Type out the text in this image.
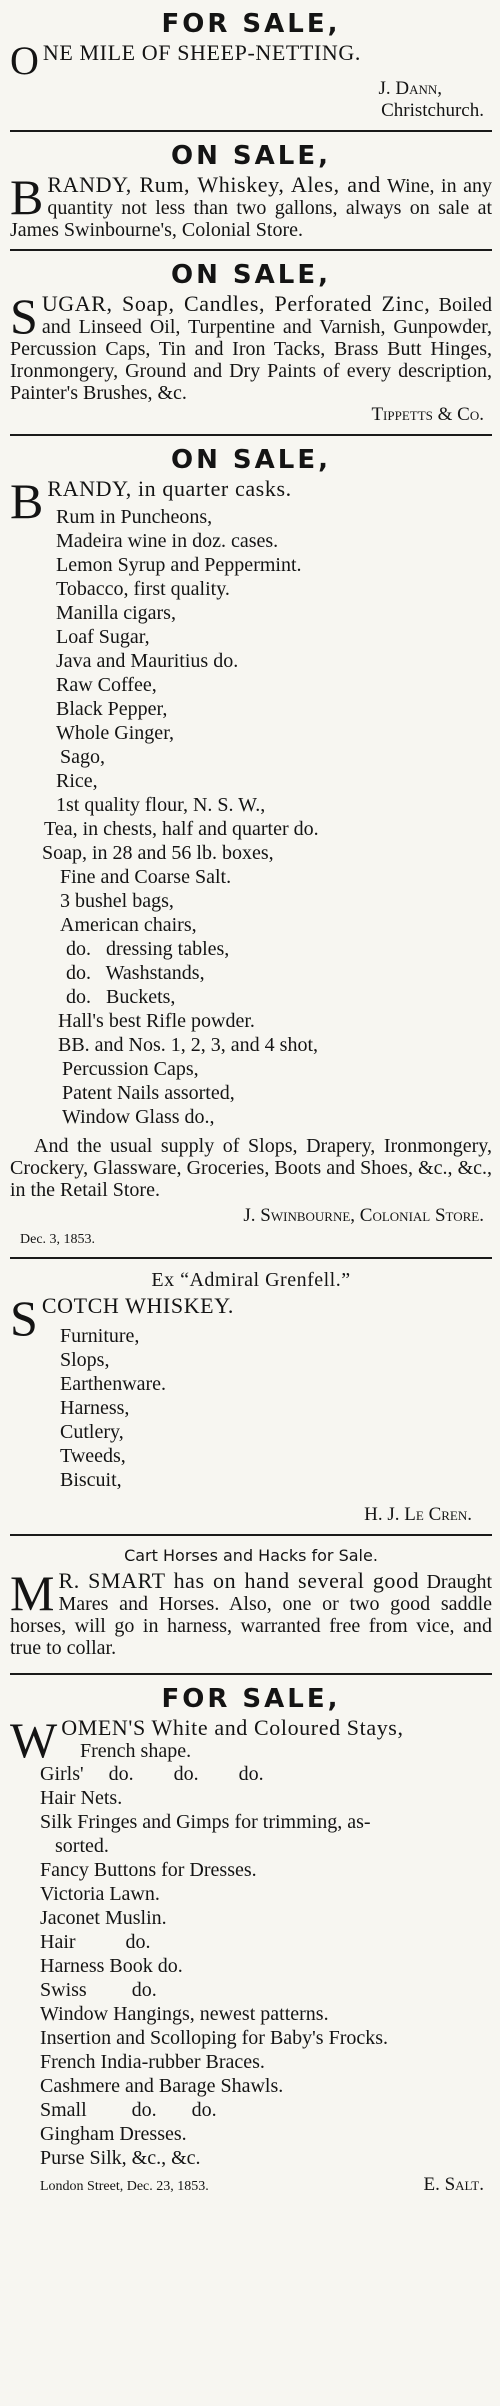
FOR SALE,
O NE MILE OF SHEEP-NETTING.
J. Dann,
Christchurch.
ON SALE,
B RANDY, Rum, Whiskey, Ales, and Wine, in any quantity not less than two gallons, always on sale at James Swinbourne's, Colonial Store.
ON SALE,
S UGAR, Soap, Candles, Perforated Zinc, Boiled and Linseed Oil, Turpentine and Varnish, Gunpowder, Percussion Caps, Tin and Iron Tacks, Brass Butt Hinges, Ironmongery, Ground and Dry Paints of every description, Painter's Brushes, &c.
Tippetts & Co.
ON SALE,
B RANDY, in quarter casks.
Rum in Puncheons,
Madeira wine in doz. cases.
Lemon Syrup and Peppermint.
Tobacco, first quality.
Manilla cigars,
Loaf Sugar,
Java and Mauritius do.
Raw Coffee,
Black Pepper,
Whole Ginger,
Sago,
Rice,
1st quality flour, N. S. W.,
Tea, in chests, half and quarter do.
Soap, in 28 and 56 lb. boxes,
Fine and Coarse Salt.
3 bushel bags,
American chairs,
do.   dressing tables,
do.   Washstands,
do.   Buckets,
Hall's best Rifle powder.
BB. and Nos. 1, 2, 3, and 4 shot,
Percussion Caps,
Patent Nails assorted,
Window Glass do.,
And the usual supply of Slops, Drapery, Ironmongery, Crockery, Glassware, Groceries, Boots and Shoes, &c., &c., in the Retail Store.
J. Swinbourne, Colonial Store.
Dec. 3, 1853.
Ex “Admiral Grenfell.”
S COTCH WHISKEY.
Furniture,
Slops,
Earthenware.
Harness,
Cutlery,
Tweeds,
Biscuit,
H. J. Le Cren.
Cart Horses and Hacks for Sale.
M R. SMART has on hand several good Draught Mares and Horses. Also, one or two good saddle horses, will go in harness, warranted free from vice, and true to collar.
FOR SALE,
W OMEN'S White and Coloured Stays,
French shape.
Girls'     do.        do.        do.
Hair Nets.
Silk Fringes and Gimps for trimming, as-
sorted.
Fancy Buttons for Dresses.
Victoria Lawn.
Jaconet Muslin.
Hair          do.
Harness Book do.
Swiss         do.
Window Hangings, newest patterns.
Insertion and Scolloping for Baby's Frocks.
French India-rubber Braces.
Cashmere and Barage Shawls.
Small         do.       do.
Gingham Dresses.
Purse Silk, &c., &c.
London Street, Dec. 23, 1853.	E. Salt.
